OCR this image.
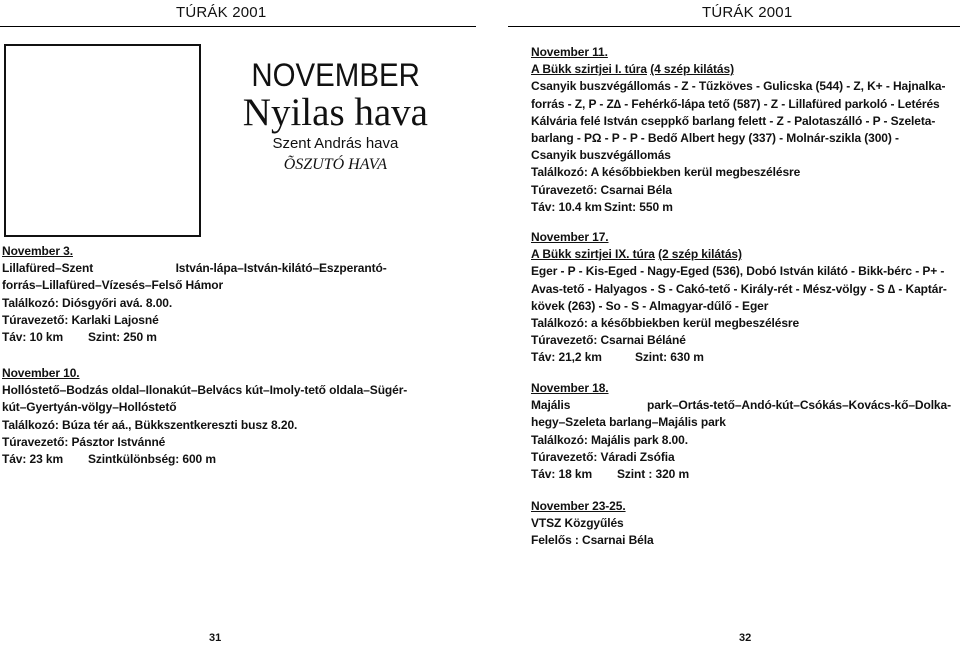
TÚRÁK 2001
NOVEMBER
Nyilas hava
Szent András hava
ÕSZUTÓ HAVA
November 3.
Lillafüred–Szent	István-lápa–István-kilátó–Eszperantó-
forrás–Lillafüred–Vízesés–Felső Hámor
Találkozó: Diósgyőri avá. 8.00.
Túravezető: Karlaki Lajosné
Táv: 10 km Szint: 250 m
November 10.
Hollóstető–Bodzás oldal–Ilonakút–Belvács kút–Imoly-tető oldala–Sügér-
kút–Gyertyán-völgy–Hollóstető
Találkozó: Búza tér aá., Bükkszentkereszti busz 8.20.
Túravezető: Pásztor Istvánné
Táv: 23 km Szintkülönbség: 600 m
31
TÚRÁK 2001
November 11.
A Bükk szirtjei I. túra (4 szép kilátás)
Csanyik buszvégállomás - Z - Tűzköves - Gulicska (544) - Z, K+ - Hajnalka-
forrás - Z, P - Z∆ - Fehérkő-lápa tető (587) - Z - Lillafüred parkoló - Letérés
Kálvária felé István cseppkő barlang felett - Z - Palotaszálló - P - Szeleta-
barlang - PΩ - P - P - Bedő Albert hegy (337) - Molnár-szikla (300) -
Csanyik buszvégállomás
Találkozó: A későbbiekben kerül megbeszélésre
Túravezető: Csarnai Béla
Táv: 10.4 km Szint: 550 m
November 17.
A Bükk szirtjei IX. túra (2 szép kilátás)
Eger - P - Kis-Eged - Nagy-Eged (536), Dobó István kilátó - Bikk-bérc - P+ -
Avas-tető - Halyagos - S - Cakó-tető - Király-rét - Mész-völgy - S ∆ - Kaptár-
kövek (263) - So - S - Almagyar-dűlő - Eger
Találkozó: a későbbiekben kerül megbeszélésre
Túravezető: Csarnai Béláné
Táv: 21,2 km	Szint: 630 m
November 18.
Majális	park–Ortás-tető–Andó-kút–Csókás–Kovács-kő–Dolka-
hegy–Szeleta barlang–Majális park
Találkozó: Majális park 8.00.
Túravezető: Váradi Zsófia
Táv: 18 km Szint : 320 m
November 23-25.
VTSZ Közgyűlés
Felelős : Csarnai Béla
32
